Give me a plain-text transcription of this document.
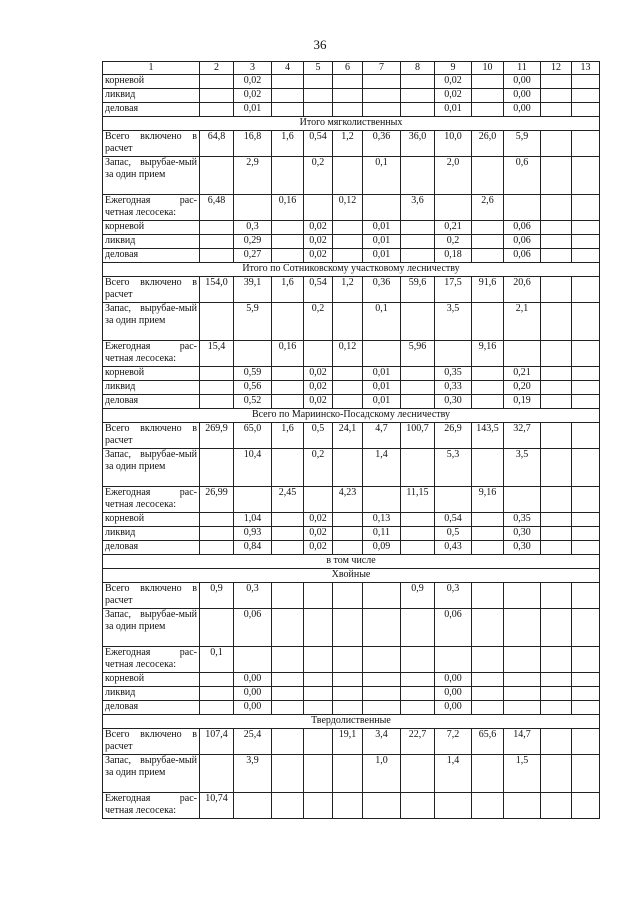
36
1	2	3	4	5	6	7	8	9	10	11	12	13
корневой		0,02						0,02		0,00		
ликвид		0,02						0,02		0,00		
деловая		0,01						0,01		0,00		
Итого мягколиственных												
Всего включено в расчет	64,8	16,8	1,6	0,54	1,2	0,36	36,0	10,0	26,0	5,9		
Запас, вырубае-мый за один прием		2,9		0,2		0,1		2,0		0,6		
Ежегодная рас-четная лесосека:	6,48		0,16		0,12		3,6		2,6			
корневой		0,3		0,02		0,01		0,21		0,06		
ликвид		0,29		0,02		0,01		0,2		0,06		
деловая		0,27		0,02		0,01		0,18		0,06		
Итого по Сотниковскому участковому лесничеству												
Всего включено в расчет	154,0	39,1	1,6	0,54	1,2	0,36	59,6	17,5	91,6	20,6		
Запас, вырубае-мый за один прием		5,9		0,2		0,1		3,5		2,1		
Ежегодная рас-четная лесосека:	15,4		0,16		0,12		5,96		9,16			
корневой		0,59		0,02		0,01		0,35		0,21		
ликвид		0,56		0,02		0,01		0,33		0,20		
деловая		0,52		0,02		0,01		0,30		0,19		
Всего по Мариинско-Посадскому лесничеству												
Всего включено в расчет	269,9	65,0	1,6	0,5	24,1	4,7	100,7	26,9	143,5	32,7		
Запас, вырубае-мый за один прием		10,4		0,2		1,4		5,3		3,5		
Ежегодная рас-четная лесосека:	26,99		2,45		4,23		11,15		9,16			
корневой		1,04		0,02		0,13		0,54		0,35		
ликвид		0,93		0,02		0,11		0,5		0,30		
деловая		0,84		0,02		0,09		0,43		0,30		
в том числе												
Хвойные												
Всего включено в расчет	0,9	0,3					0,9	0,3				
Запас, вырубае-мый за один прием		0,06						0,06				
Ежегодная рас-четная лесосека:	0,1											
корневой		0,00						0,00				
ликвид		0,00						0,00				
деловая		0,00						0,00				
Твердолиственные												
Всего включено в расчет	107,4	25,4			19,1	3,4	22,7	7,2	65,6	14,7		
Запас, вырубае-мый за один прием		3,9				1,0		1,4		1,5		
Ежегодная рас-четная лесосека:	10,74											
